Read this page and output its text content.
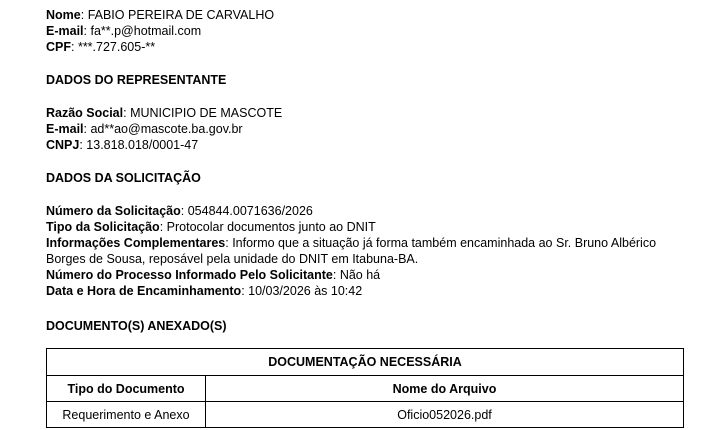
Nome: FABIO PEREIRA DE CARVALHO
E-mail: fa**.p@hotmail.com
CPF: ***.727.605-**
DADOS DO REPRESENTANTE
Razão Social: MUNICIPIO DE MASCOTE
E-mail: ad**ao@mascote.ba.gov.br
CNPJ: 13.818.018/0001-47
DADOS DA SOLICITAÇÃO
Número da Solicitação: 054844.0071636/2026
Tipo da Solicitação: Protocolar documentos junto ao DNIT
Informações Complementares: Informo que a situação já forma também encaminhada ao Sr. Bruno Albérico Borges de Sousa, reposável pela unidade do DNIT em Itabuna-BA.
Número do Processo Informado Pelo Solicitante: Não há
Data e Hora de Encaminhamento: 10/03/2026 às 10:42
DOCUMENTO(S) ANEXADO(S)
DOCUMENTAÇÃO NECESSÁRIA	
Tipo do Documento	Nome do Arquivo
Requerimento e Anexo	Oficio052026.pdf
